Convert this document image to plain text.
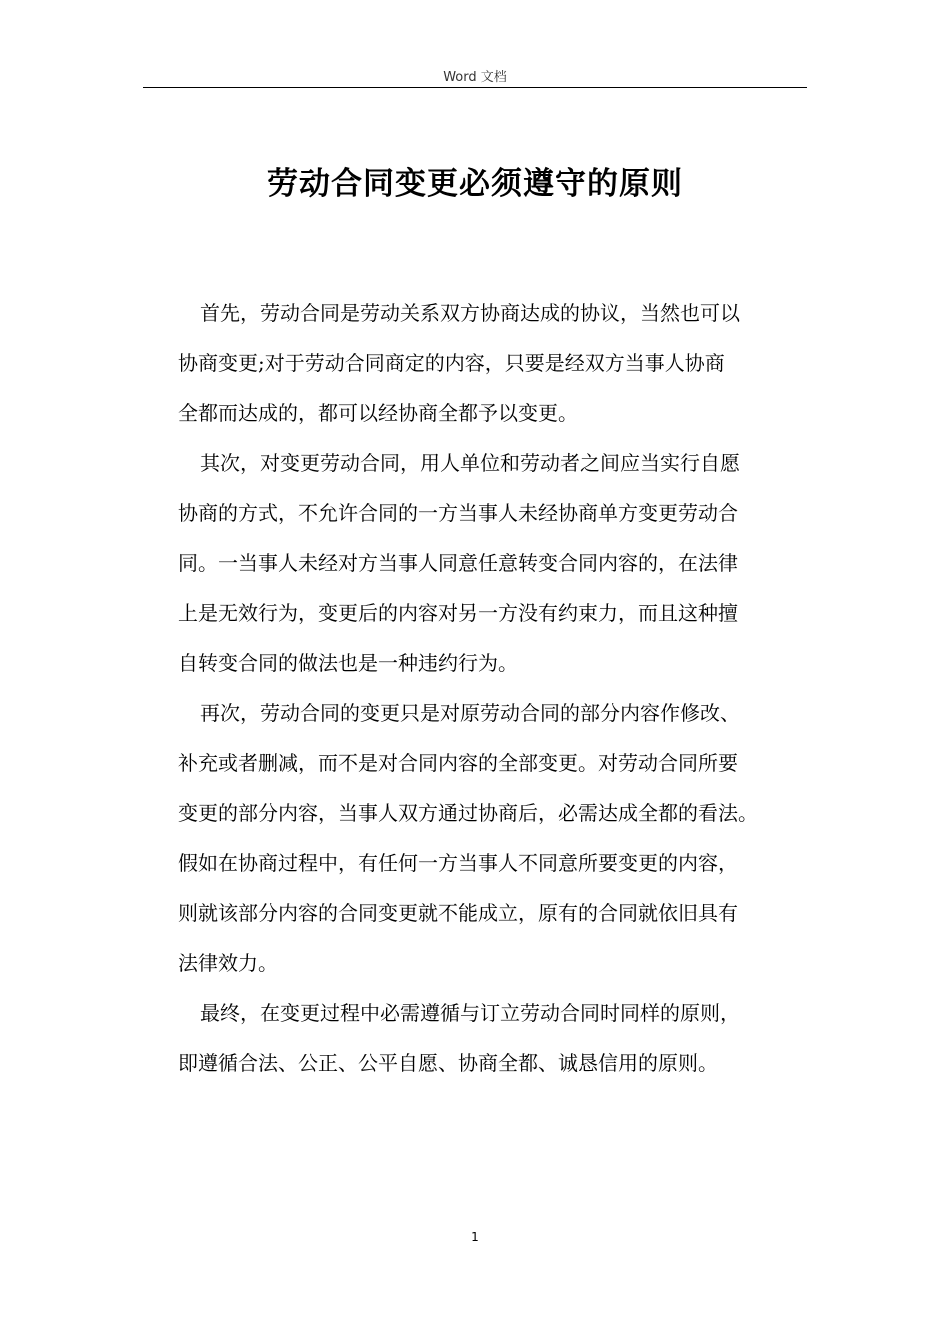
Word 文档
劳动合同变更必须遵守的原则
首先，劳动合同是劳动关系双方协商达成的协议，当然也可以
协商变更;对于劳动合同商定的内容，只要是经双方当事人协商
全都而达成的，都可以经协商全都予以变更。
其次，对变更劳动合同，用人单位和劳动者之间应当实行自愿
协商的方式，不允许合同的一方当事人未经协商单方变更劳动合
同。一当事人未经对方当事人同意任意转变合同内容的，在法律
上是无效行为，变更后的内容对另一方没有约束力，而且这种擅
自转变合同的做法也是一种违约行为。
再次，劳动合同的变更只是对原劳动合同的部分内容作修改、
补充或者删减，而不是对合同内容的全部变更。对劳动合同所要
变更的部分内容，当事人双方通过协商后，必需达成全都的看法。
假如在协商过程中，有任何一方当事人不同意所要变更的内容，
则就该部分内容的合同变更就不能成立，原有的合同就依旧具有
法律效力。
最终，在变更过程中必需遵循与订立劳动合同时同样的原则，
即遵循合法、公正、公平自愿、协商全都、诚恳信用的原则。
1
